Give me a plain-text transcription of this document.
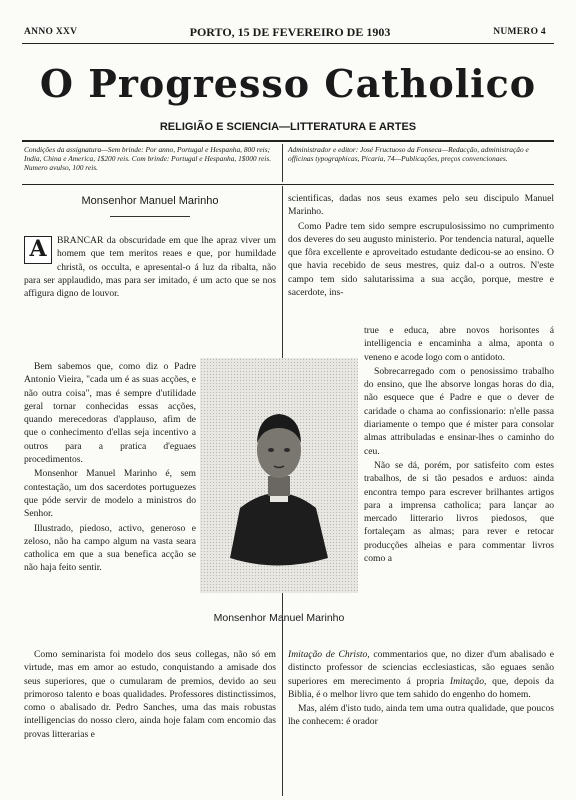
ANNO XXV	PORTO, 15 DE FEVEREIRO DE 1903	NUMERO 4
O Progresso Catholico
RELIGIÃO E SCIENCIA—LITTERATURA E ARTES
Condições da assignatura—Sem brinde: Por anno, Portugal e Hespanha, 800 reis; India, China e America, 1$200 reis. Com brinde: Portugal e Hespanha, 1$000 reis. Numero avulso, 100 reis.
Administrador e editor: José Fructuoso da Fonseca—Redacção, administração e officinas typographicas, Picaria, 74—Publicações, preços convencionaes.
Monsenhor Manuel Marinho
A	BRANCAR da obscuridade em que lhe apraz viver um homem que tem meritos reaes e que, por humildade christã, os occulta, e apresental-o á luz da ribalta, não para ser applaudido, mas para ser imitado, é um acto que se nos affigura digno de louvor.

Bem sabemos que, como diz o Padre Antonio Vieira, "cada um é as suas acções, e não outra coisa", mas é sempre d'utilidade geral tornar conhecidas essas acções, quando merecedoras d'applauso, afim de que o conhecimento d'ellas seja incentivo a outros para a pratica d'eguaes procedimentos.

Monsenhor Manuel Marinho é, sem contestação, um dos sacerdotes portuguezes que póde servir de modelo a ministros do Senhor.

Illustrado, piedoso, activo, generoso e zeloso, não ha campo algum na vasta seara catholica em que a sua benefica acção se não haja feito sentir.

Como seminarista foi modelo dos seus collegas, não só em virtude, mas em amor ao estudo, conquistando a amisade dos seus superiores, que o cumularam de premios, devido ao seu primoroso talento e boas qualidades. Professores distinctissimos, como o abalisado dr. Pedro Sanches, uma das mais robustas intelligencias do nosso clero, ainda hoje falam com encomio das provas litterarias e

Monsenhor Manuel Marinho

scientificas, dadas nos seus exames pelo seu discipulo Manuel Marinho.

Como Padre tem sido sempre escrupulosissimo no cumprimento dos deveres do seu augusto ministerio. Por tendencia natural, aquelle que fôra excellente e aproveitado estudante dedicou-se ao ensino. O que havia recebido de seus mestres, quiz dal-o a outros. N'este campo tem sido salutarissima a sua acção, porque, mestre e sacerdote, ins-

true e educa, abre novos horisontes á intelligencia e encaminha a alma, aponta o veneno e acode logo com o antidoto.

Sobrecarregado com o penosissimo trabalho do ensino, que lhe absorve longas horas do dia, não esquece que é Padre e que o dever de caridade o chama ao confissionario: n'elle passa diariamente o tempo que é mister para consolar almas attribuladas e ensinar-lhes o caminho do ceu.

Não se dá, porém, por satisfeito com estes trabalhos, de si tão pesados e arduos: ainda encontra tempo para escrever brilhantes artigos para a imprensa catholica; para lançar ao mercado litterario livros piedosos, que fortaleçam as almas; para rever e retocar producções alheias e para commentar livros como a

Imitação de Christo, commentarios que, no dizer d'um abalisado e distincto professor de sciencias ecclesiasticas, são eguaes senão superiores em merecimento á propria Imitação, que, depois da Biblia, é o melhor livro que tem sahido do engenho do homem.

Mas, além d'isto tudo, ainda tem uma outra qualidade, que poucos lhe conhecem: é orador
